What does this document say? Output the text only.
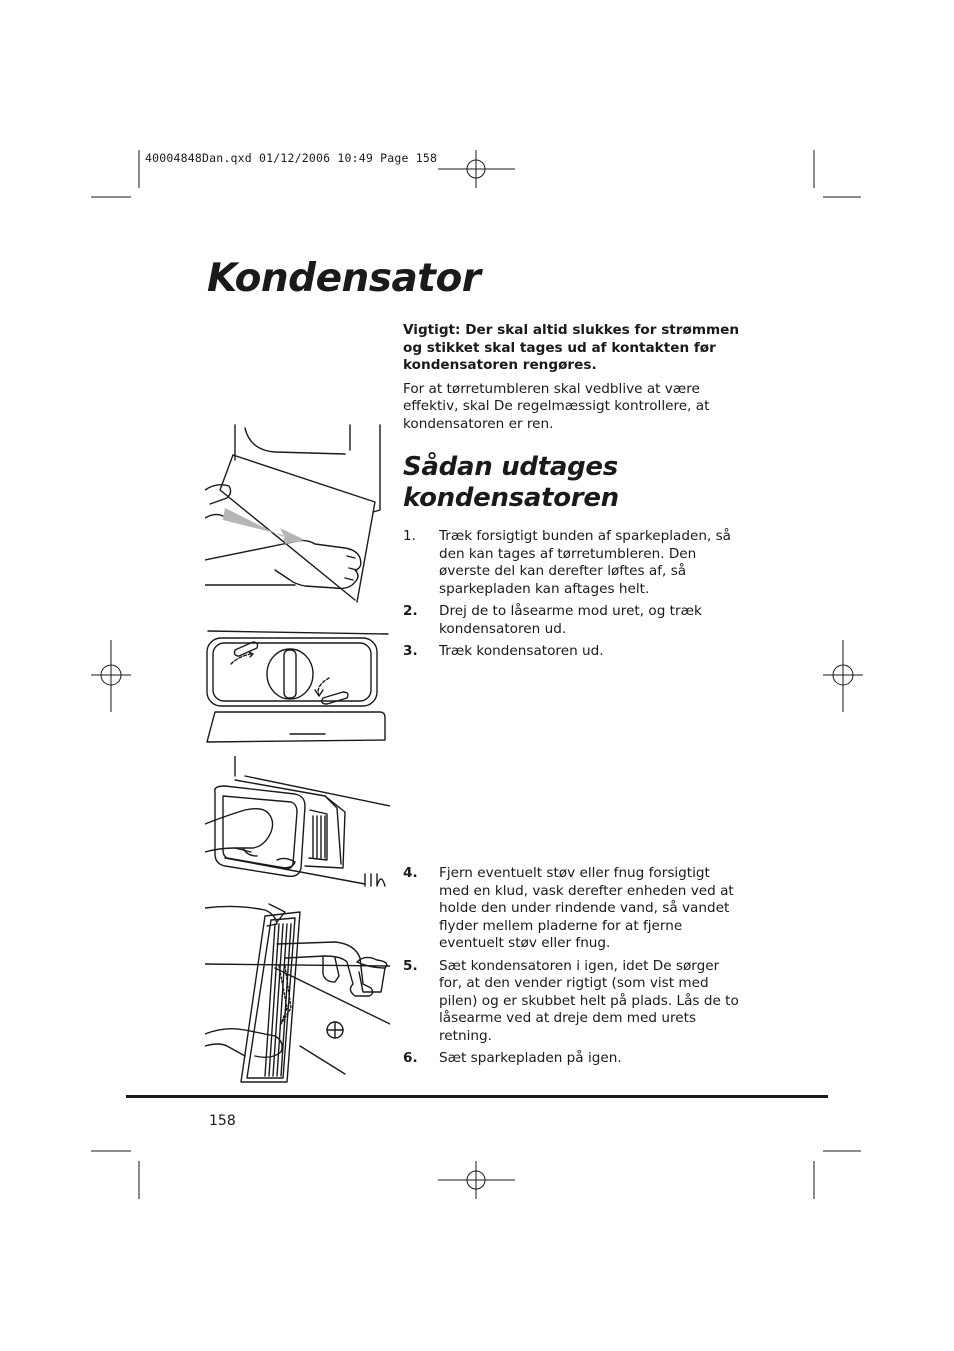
40004848Dan.qxd 01/12/2006 10:49 Page 158
Kondensator

Vigtigt: Der skal altid slukkes for strømmen og stikket skal tages ud af kontakten før kondensatoren rengøres.

For at tørretumbleren skal vedblive at være effektiv, skal De regelmæssigt kontrollere, at kondensatoren er ren.

Sådan udtages kondensatoren
1. Træk forsigtigt bunden af sparkepladen, så den kan tages af tørretumbleren. Den øverste del kan derefter løftes af, så sparkepladen kan aftages helt.
2. Drej de to låsearme mod uret, og træk kondensatoren ud.
3. Træk kondensatoren ud.
4. Fjern eventuelt støv eller fnug forsigtigt med en klud, vask derefter enheden ved at holde den under rindende vand, så vandet flyder mellem pladerne for at fjerne eventuelt støv eller fnug.
5. Sæt kondensatoren i igen, idet De sørger for, at den vender rigtigt (som vist med pilen) og er skubbet helt på plads. Lås de to låsearme ved at dreje dem med urets retning.
6. Sæt sparkepladen på igen.
158
